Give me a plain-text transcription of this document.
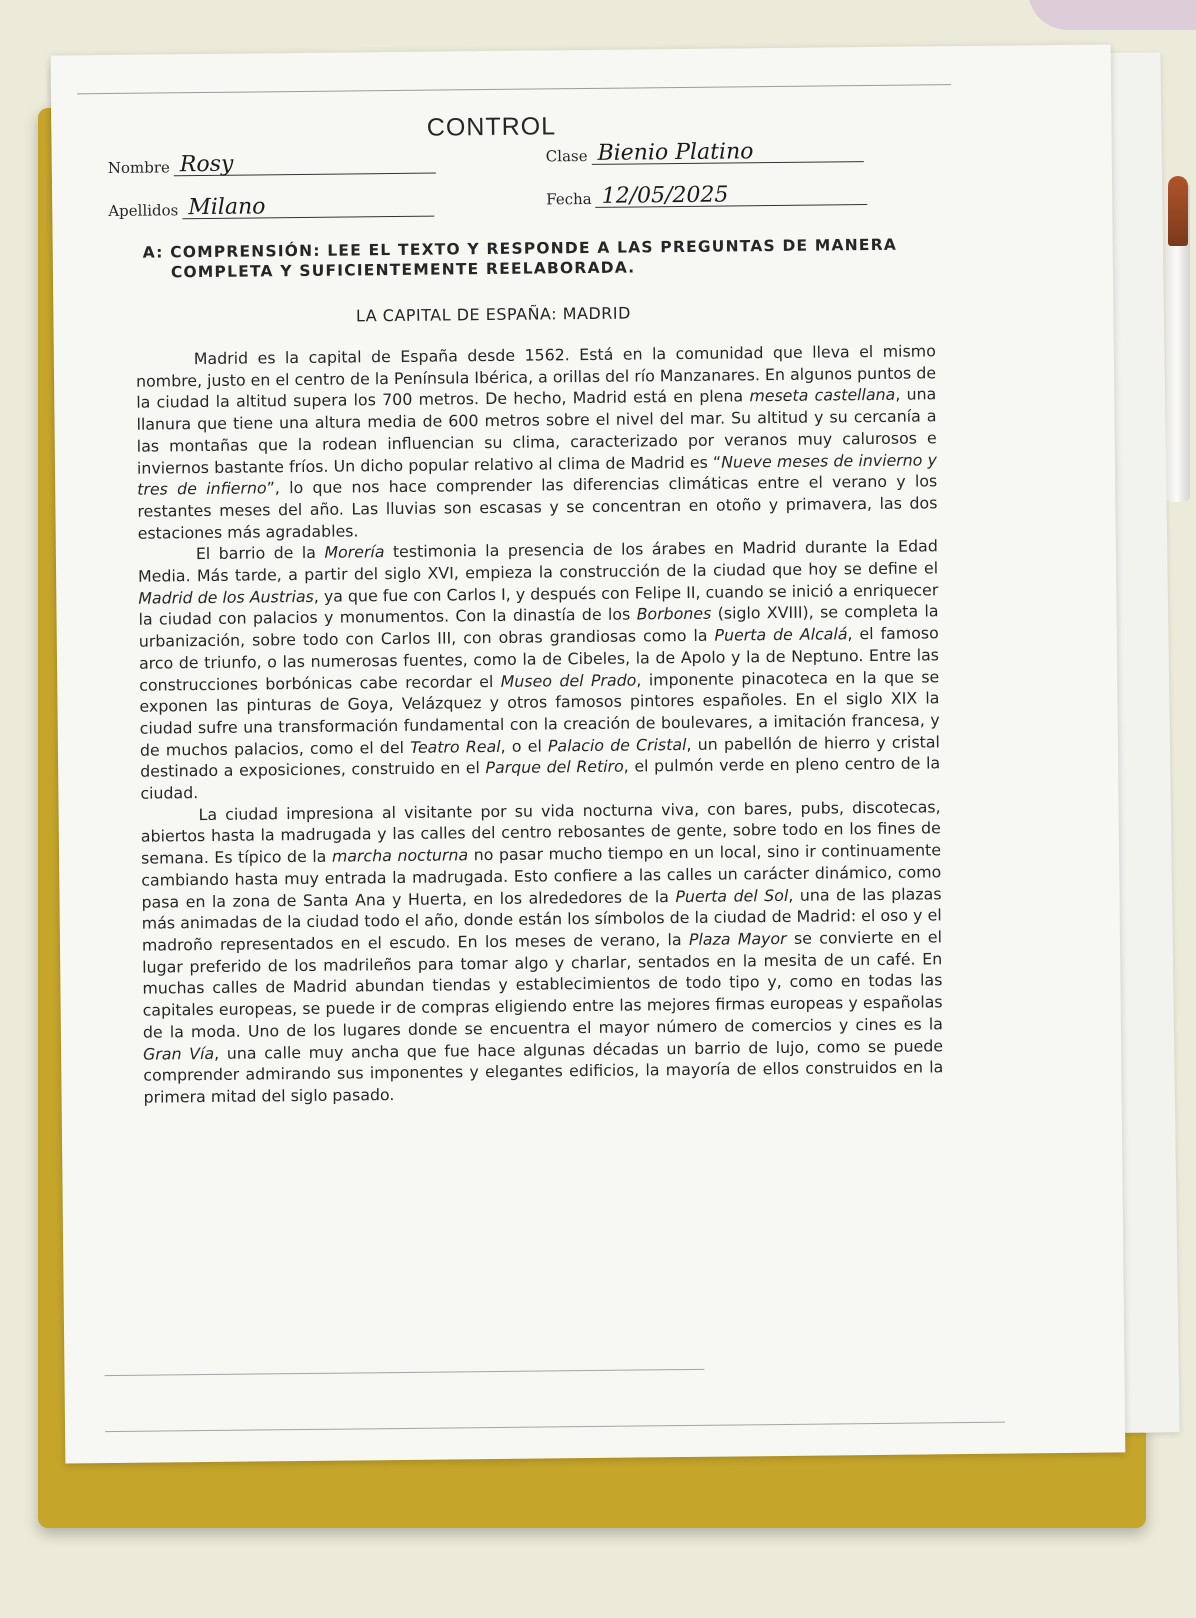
CONTROL
Nombre Rosy	Clase Bienio Platino
Apellidos Milano	Fecha 12/05/2025
A: COMPRENSIÓN: LEE EL TEXTO Y RESPONDE A LAS PREGUNTAS DE MANERA
COMPLETA Y SUFICIENTEMENTE REELABORADA.
LA CAPITAL DE ESPAÑA: MADRID

Madrid es la capital de España desde 1562. Está en la comunidad que lleva el mismo nombre, justo en el centro de la Península Ibérica, a orillas del río Manzanares. En algunos puntos de la ciudad la altitud supera los 700 metros. De hecho, Madrid está en plena meseta castellana, una llanura que tiene una altura media de 600 metros sobre el nivel del mar. Su altitud y su cercanía a las montañas que la rodean influencian su clima, caracterizado por veranos muy calurosos e inviernos bastante fríos. Un dicho popular relativo al clima de Madrid es “Nueve meses de invierno y tres de infierno”, lo que nos hace comprender las diferencias climáticas entre el verano y los restantes meses del año. Las lluvias son escasas y se concentran en otoño y primavera, las dos estaciones más agradables.

El barrio de la Morería testimonia la presencia de los árabes en Madrid durante la Edad Media. Más tarde, a partir del siglo XVI, empieza la construcción de la ciudad que hoy se define el Madrid de los Austrias, ya que fue con Carlos I, y después con Felipe II, cuando se inició a enriquecer la ciudad con palacios y monumentos. Con la dinastía de los Borbones (siglo XVIII), se completa la urbanización, sobre todo con Carlos III, con obras grandiosas como la Puerta de Alcalá, el famoso arco de triunfo, o las numerosas fuentes, como la de Cibeles, la de Apolo y la de Neptuno. Entre las construcciones borbónicas cabe recordar el Museo del Prado, imponente pinacoteca en la que se exponen las pinturas de Goya, Velázquez y otros famosos pintores españoles. En el siglo XIX la ciudad sufre una transformación fundamental con la creación de boulevares, a imitación francesa, y de muchos palacios, como el del Teatro Real, o el Palacio de Cristal, un pabellón de hierro y cristal destinado a exposiciones, construido en el Parque del Retiro, el pulmón verde en pleno centro de la ciudad.

La ciudad impresiona al visitante por su vida nocturna viva, con bares, pubs, discotecas, abiertos hasta la madrugada y las calles del centro rebosantes de gente, sobre todo en los fines de semana. Es típico de la marcha nocturna no pasar mucho tiempo en un local, sino ir continuamente cambiando hasta muy entrada la madrugada. Esto confiere a las calles un carácter dinámico, como pasa en la zona de Santa Ana y Huerta, en los alrededores de la Puerta del Sol, una de las plazas más animadas de la ciudad todo el año, donde están los símbolos de la ciudad de Madrid: el oso y el madroño representados en el escudo. En los meses de verano, la Plaza Mayor se convierte en el lugar preferido de los madrileños para tomar algo y charlar, sentados en la mesita de un café. En muchas calles de Madrid abundan tiendas y establecimientos de todo tipo y, como en todas las capitales europeas, se puede ir de compras eligiendo entre las mejores firmas europeas y españolas de la moda. Uno de los lugares donde se encuentra el mayor número de comercios y cines es la Gran Vía, una calle muy ancha que fue hace algunas décadas un barrio de lujo, como se puede comprender admirando sus imponentes y elegantes edificios, la mayoría de ellos construidos en la primera mitad del siglo pasado.
